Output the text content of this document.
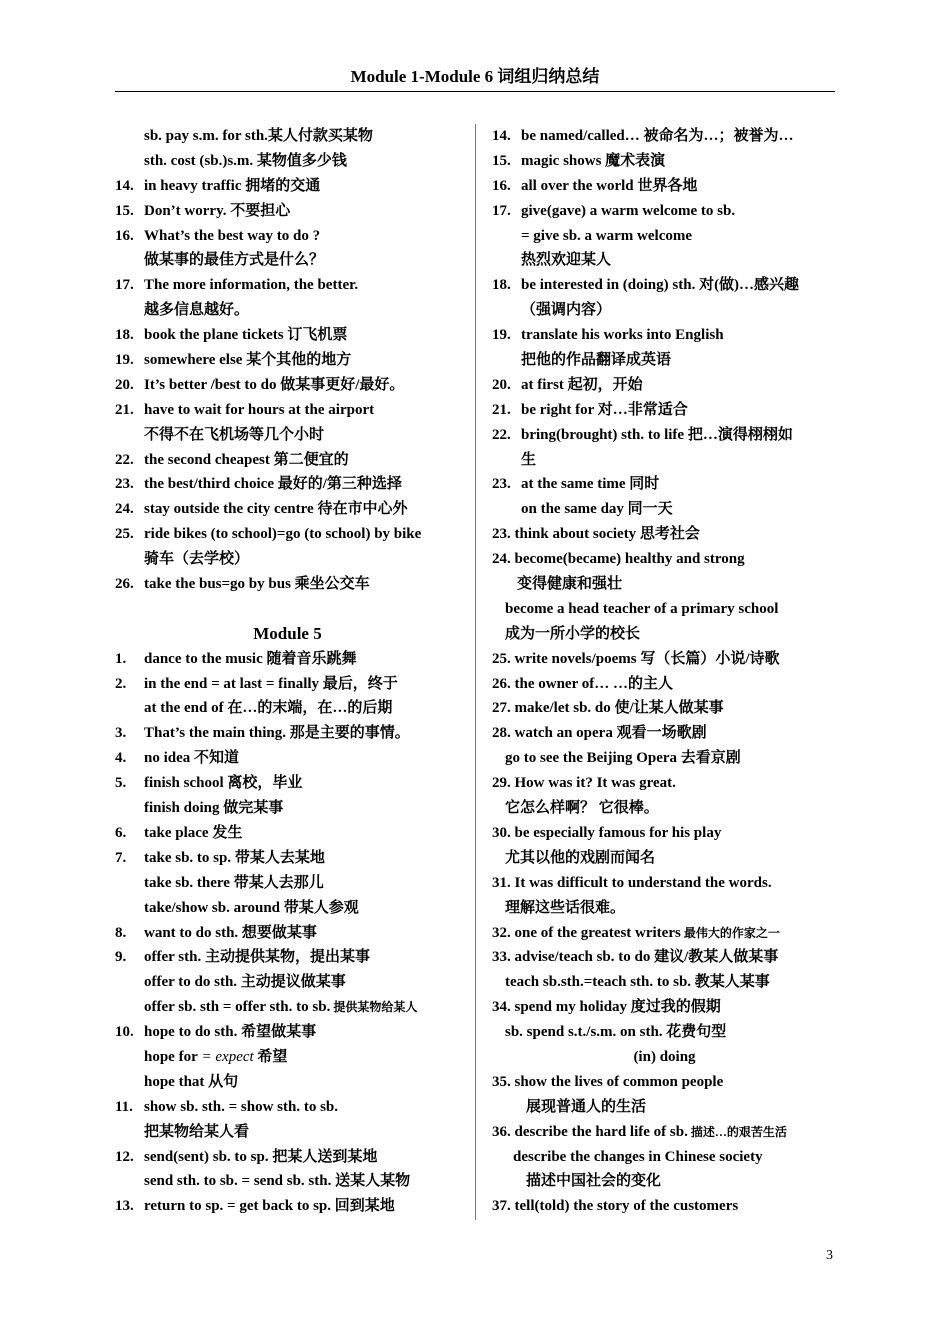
Module 1-Module 6 词组归纳总结
sb. pay s.m. for sth.某人付款买某物
sth. cost (sb.)s.m. 某物值多少钱
14. in heavy traffic 拥堵的交通
15. Don’t worry. 不要担心
16. What’s the best way to do ?
做某事的最佳方式是什么？
17. The more information, the better.
越多信息越好。
18. book the plane tickets 订飞机票
19. somewhere else 某个其他的地方
20. It’s better /best to do 做某事更好/最好。
21. have to wait for hours at the airport
不得不在飞机场等几个小时
22. the second cheapest 第二便宜的
23. the best/third choice 最好的/第三种选择
24. stay outside the city centre 待在市中心外
25. ride bikes (to school)=go (to school) by bike
骑车（去学校）
26. take the bus=go by bus 乘坐公交车
Module 5
1. dance to the music 随着音乐跳舞
2. in the end = at last = finally 最后，终于
at the end of 在…的末端，在…的后期
3. That’s the main thing. 那是主要的事情。
4. no idea 不知道
5. finish school 离校，毕业
finish doing 做完某事
6. take place 发生
7. take sb. to sp. 带某人去某地
take sb. there 带某人去那儿
take/show sb. around 带某人参观
8. want to do sth. 想要做某事
9. offer sth. 主动提供某物，提出某事
offer to do sth. 主动提议做某事
offer sb. sth = offer sth. to sb. 提供某物给某人
10. hope to do sth. 希望做某事
hope for = expect 希望
hope that 从句
11. show sb. sth. = show sth. to sb.
把某物给某人看
12. send(sent) sb. to sp. 把某人送到某地
send sth. to sb. = send sb. sth. 送某人某物
13. return to sp. = get back to sp. 回到某地
14. be named/called… 被命名为…；被誉为…
15. magic shows 魔术表演
16. all over the world 世界各地
17. give(gave) a warm welcome to sb.
= give sb. a warm welcome
热烈欢迎某人
18. be interested in (doing) sth. 对(做)…感兴趣
（强调内容）
19. translate his works into English
把他的作品翻译成英语
20. at first 起初，开始
21. be right for 对…非常适合
22. bring(brought) sth. to life 把…演得栩栩如
生
23. at the same time 同时
on the same day 同一天
23. think about society 思考社会
24. become(became) healthy and strong
变得健康和强壮
become a head teacher of a primary school
成为一所小学的校长
25. write novels/poems 写（长篇）小说/诗歌
26. the owner of… …的主人
27. make/let sb. do 使/让某人做某事
28. watch an opera 观看一场歌剧
go to see the Beijing Opera 去看京剧
29. How was it? It was great.
它怎么样啊？ 它很棒。
30. be especially famous for his play
尤其以他的戏剧而闻名
31. It was difficult to understand the words.
理解这些话很难。
32. one of the greatest writers 最伟大的作家之一
33. advise/teach sb. to do 建议/教某人做某事
teach sb.sth.=teach sth. to sb. 教某人某事
34. spend my holiday 度过我的假期
sb. spend s.t./s.m. on sth. 花费句型
(in) doing
35. show the lives of common people
展现普通人的生活
36. describe the hard life of sb. 描述…的艰苦生活
describe the changes in Chinese society
描述中国社会的变化
37. tell(told) the story of the customers
3
